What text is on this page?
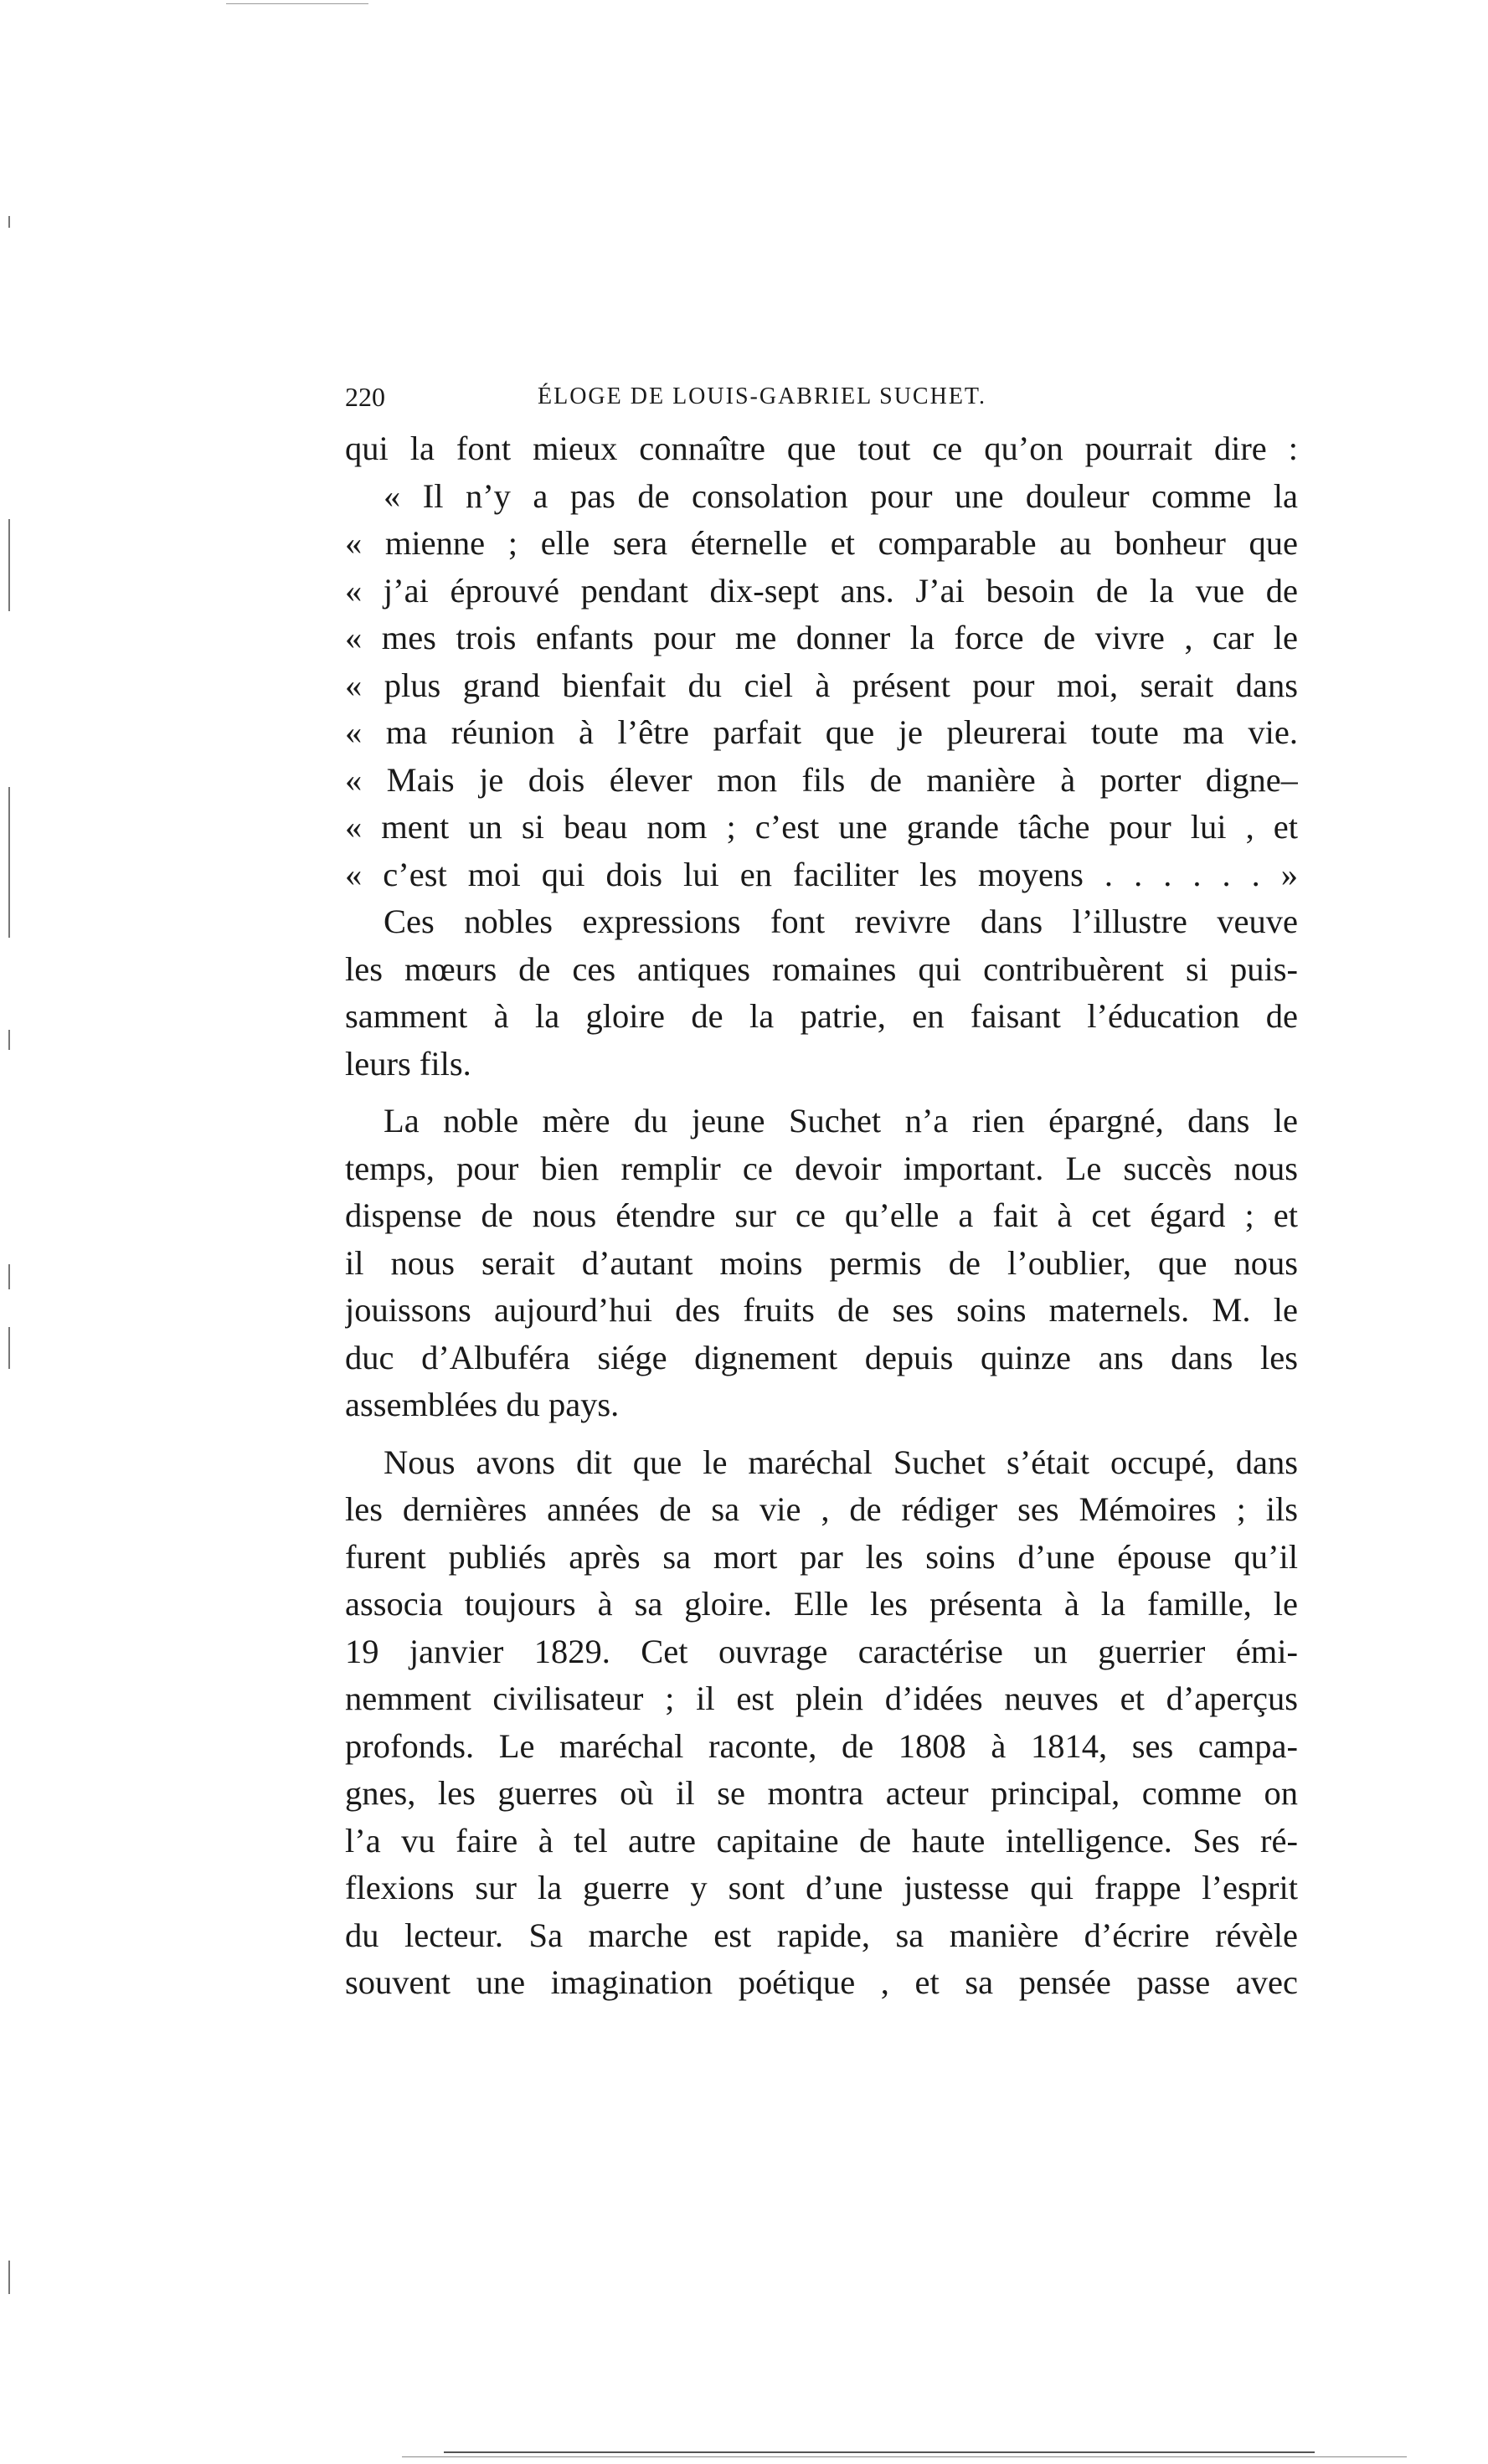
220	ÉLOGE DE LOUIS-GABRIEL SUCHET.
qui la font mieux connaître que tout ce qu’on pourrait dire :
« Il n’y a pas de consolation pour une douleur comme la
« mienne ; elle sera éternelle et comparable au bonheur que
« j’ai éprouvé pendant dix-sept ans. J’ai besoin de la vue de
« mes trois enfants pour me donner la force de vivre , car le
« plus grand bienfait du ciel à présent pour moi, serait dans
« ma réunion à l’être parfait que je pleurerai toute ma vie.
« Mais je dois élever mon fils de manière à porter digne–
« ment un si beau nom ; c’est une grande tâche pour lui , et
« c’est moi qui dois lui en faciliter les moyens . . . . . . »
Ces nobles expressions font revivre dans l’illustre veuve
les mœurs de ces antiques romaines qui contribuèrent si puis-
samment à la gloire de la patrie, en faisant l’éducation de
leurs fils.
La noble mère du jeune Suchet n’a rien épargné, dans le
temps, pour bien remplir ce devoir important. Le succès nous
dispense de nous étendre sur ce qu’elle a fait à cet égard ; et
il nous serait d’autant moins permis de l’oublier, que nous
jouissons aujourd’hui des fruits de ses soins maternels. M. le
duc d’Albuféra siége dignement depuis quinze ans dans les
assemblées du pays.
Nous avons dit que le maréchal Suchet s’était occupé, dans
les dernières années de sa vie , de rédiger ses Mémoires ; ils
furent publiés après sa mort par les soins d’une épouse qu’il
associa toujours à sa gloire. Elle les présenta à la famille, le
19 janvier 1829. Cet ouvrage caractérise un guerrier émi-
nemment civilisateur ; il est plein d’idées neuves et d’aperçus
profonds. Le maréchal raconte, de 1808 à 1814, ses campa-
gnes, les guerres où il se montra acteur principal, comme on
l’a vu faire à tel autre capitaine de haute intelligence. Ses ré-
flexions sur la guerre y sont d’une justesse qui frappe l’esprit
du lecteur. Sa marche est rapide, sa manière d’écrire révèle
souvent une imagination poétique , et sa pensée passe avec
